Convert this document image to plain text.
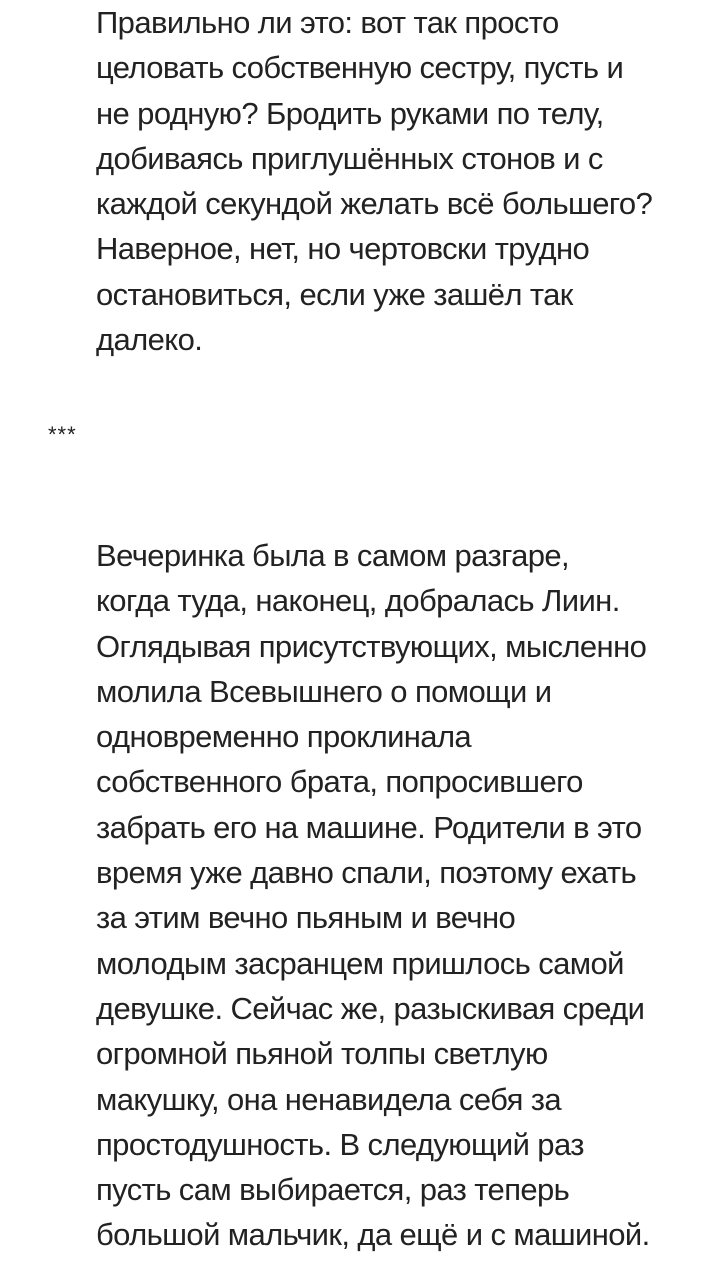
Правильно ли это: вот так просто
целовать собственную сестру, пусть и
не родную? Бродить руками по телу,
добиваясь приглушённых стонов и с
каждой секундой желать всё большего?
Наверное, нет, но чертовски трудно
остановиться, если уже зашёл так
далеко.

***

Вечеринка была в самом разгаре,
когда туда, наконец, добралась Лиин.
Оглядывая присутствующих, мысленно
молила Всевышнего о помощи и
одновременно проклинала
собственного брата, попросившего
забрать его на машине. Родители в это
время уже давно спали, поэтому ехать
за этим вечно пьяным и вечно
молодым засранцем пришлось самой
девушке. Сейчас же, разыскивая среди
огромной пьяной толпы светлую
макушку, она ненавидела себя за
простодушность. В следующий раз
пусть сам выбирается, раз теперь
большой мальчик, да ещё и с машиной.
